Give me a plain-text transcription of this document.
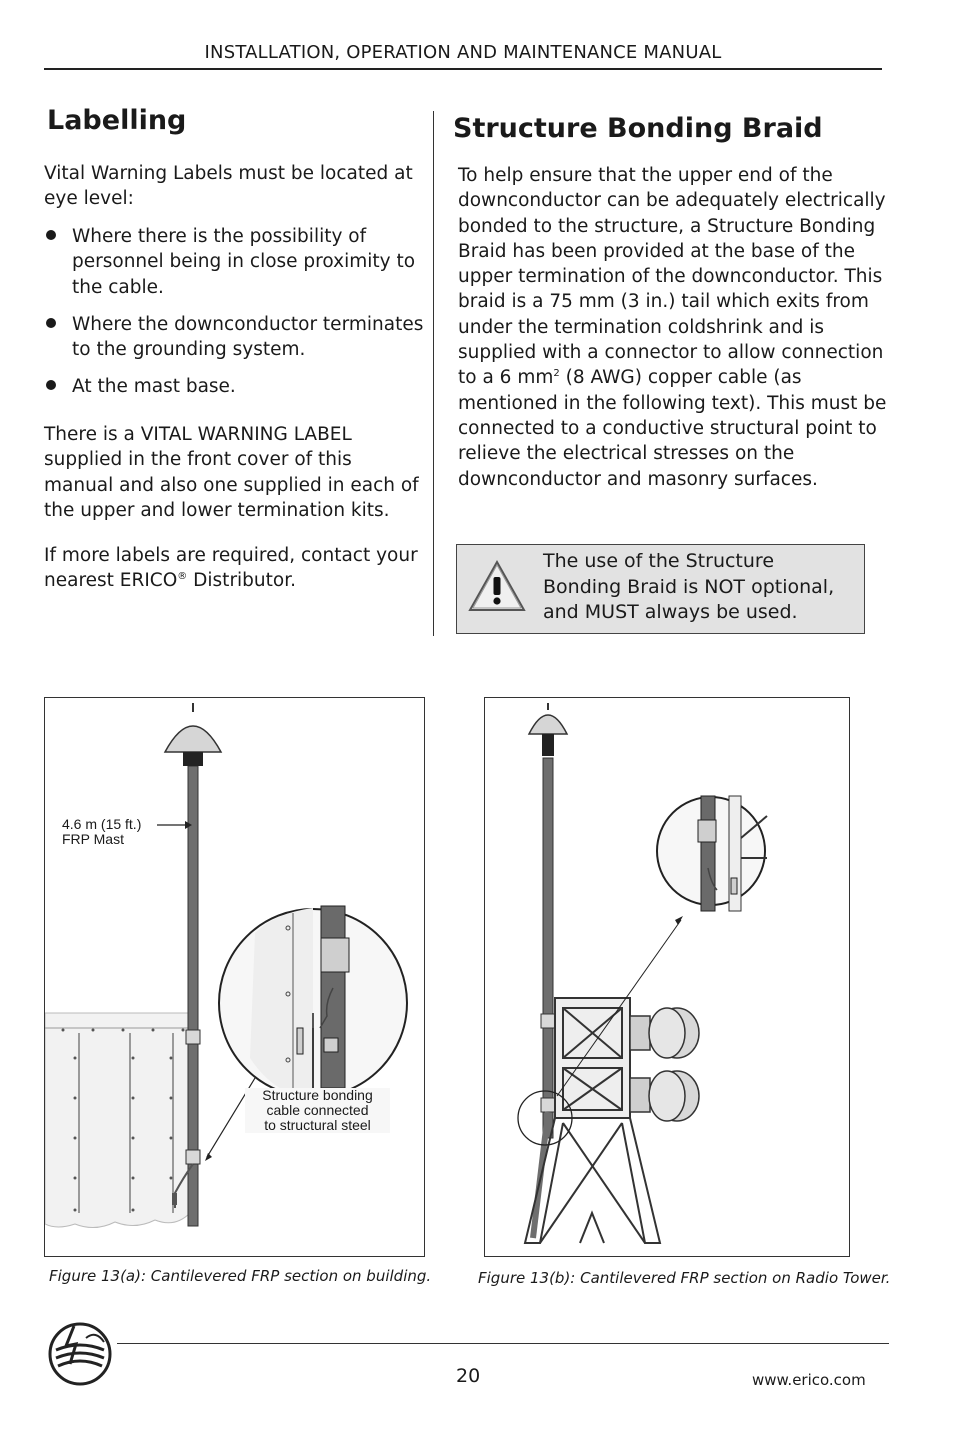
INSTALLATION, OPERATION AND MAINTENANCE MANUAL
Labelling
Vital Warning Labels must be located at eye level:
Where there is the possibility of personnel being in close proximity to the cable.
Where the downconductor terminates to the grounding system.
At the mast base.
There is a VITAL WARNING LABEL supplied in the front cover of this manual and also one supplied in each of the upper and lower termination kits.
If more labels are required, contact your nearest ERICO® Distributor.
Structure Bonding Braid
To help ensure that the upper end of the downconductor can be adequately electrically bonded to the structure, a Structure Bonding Braid has been provided at the base of the upper termination of the downconductor. This braid is a 75 mm (3 in.) tail which exits from under the termination coldshrink and is supplied with a connector to allow connection to a 6 $mm^2$ (8 AWG) copper cable (as mentioned in the following text). This must be connected to a conductive structural point to relieve the electrical stresses on the downconductor and masonry surfaces.
The use of the Structure Bonding Braid is NOT optional, and MUST always be used.
4.6 m (15 ft.)
FRP Mast
Structure bonding
cable connected
to structural steel
Figure 13(a): Cantilevered FRP section on building.	Figure 13(b): Cantilevered FRP section on Radio Tower.
20	www.erico.com
